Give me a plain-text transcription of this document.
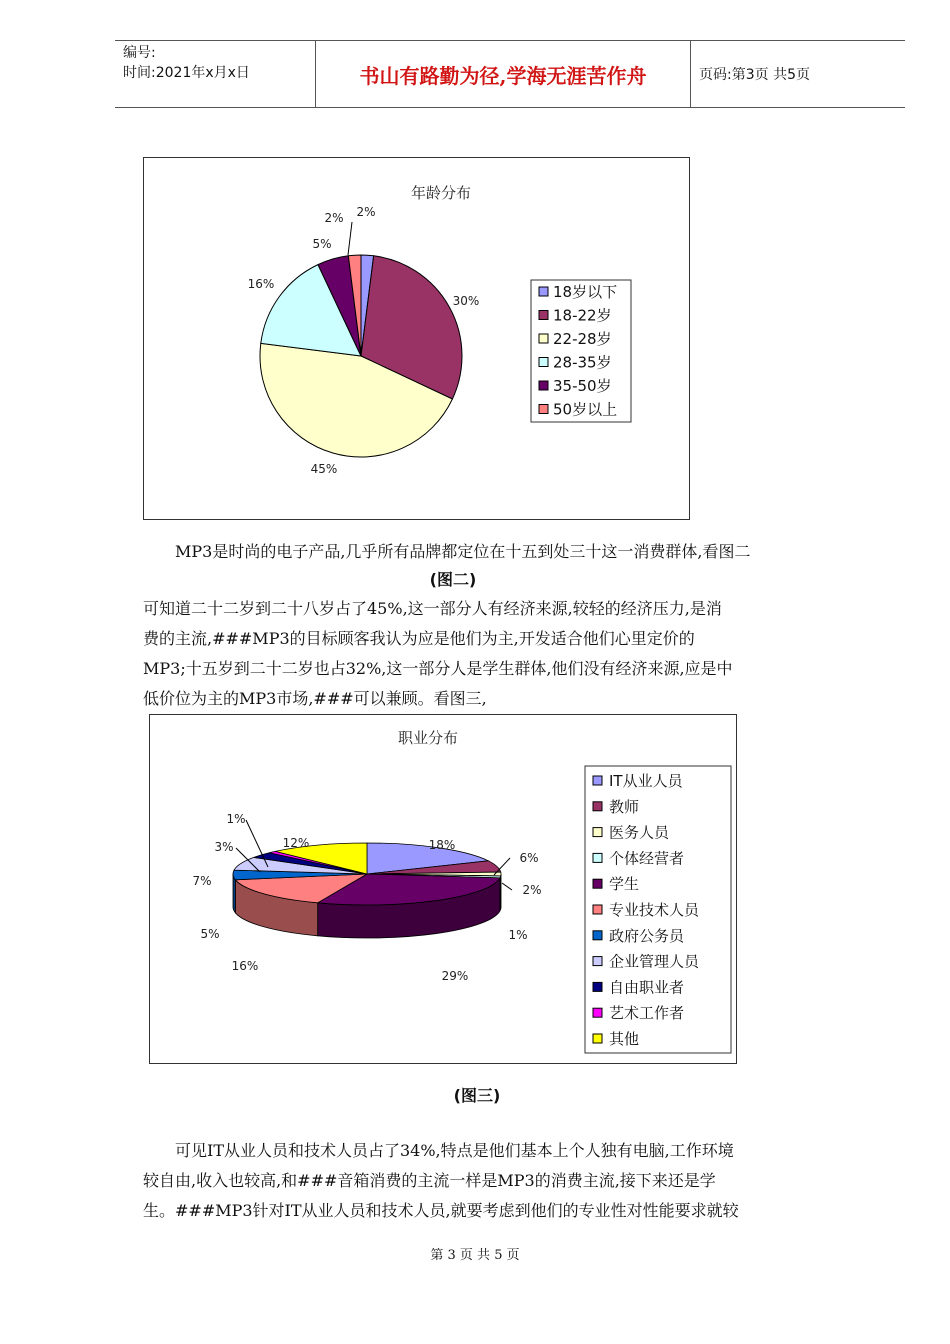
编号:
时间:2021年x月x日	书山有路勤为径,学海无涯苦作舟	页码:第3页 共5页
年龄分布
2%
30%
45%
16%
5%
2%
18岁以下
18-22岁
22-28岁
28-35岁
35-50岁
50岁以上

MP3是时尚的电子产品,几乎所有品牌都定位在十五到处三十这一消费群体,看图二

(图二)

可知道二十二岁到二十八岁占了45%,这一部分人有经济来源,较轻的经济压力,是消

费的主流,###MP3的目标顾客我认为应是他们为主,开发适合他们心里定价的

MP3;十五岁到二十二岁也占32%,这一部分人是学生群体,他们没有经济来源,应是中

低价位为主的MP3市场,###可以兼顾。看图三,

职业分布
18%
6%
2%
1%
29%
16%
5%
7%
3%
1%
12%
IT从业人员
教师
医务人员
个体经营者
学生
专业技术人员
政府公务员
企业管理人员
自由职业者
艺术工作者
其他
(图三)

可见IT从业人员和技术人员占了34%,特点是他们基本上个人独有电脑,工作环境

较自由,收入也较高,和###音箱消费的主流一样是MP3的消费主流,接下来还是学

生。###MP3针对IT从业人员和技术人员,就要考虑到他们的专业性对性能要求就较

第 3 页 共 5 页
